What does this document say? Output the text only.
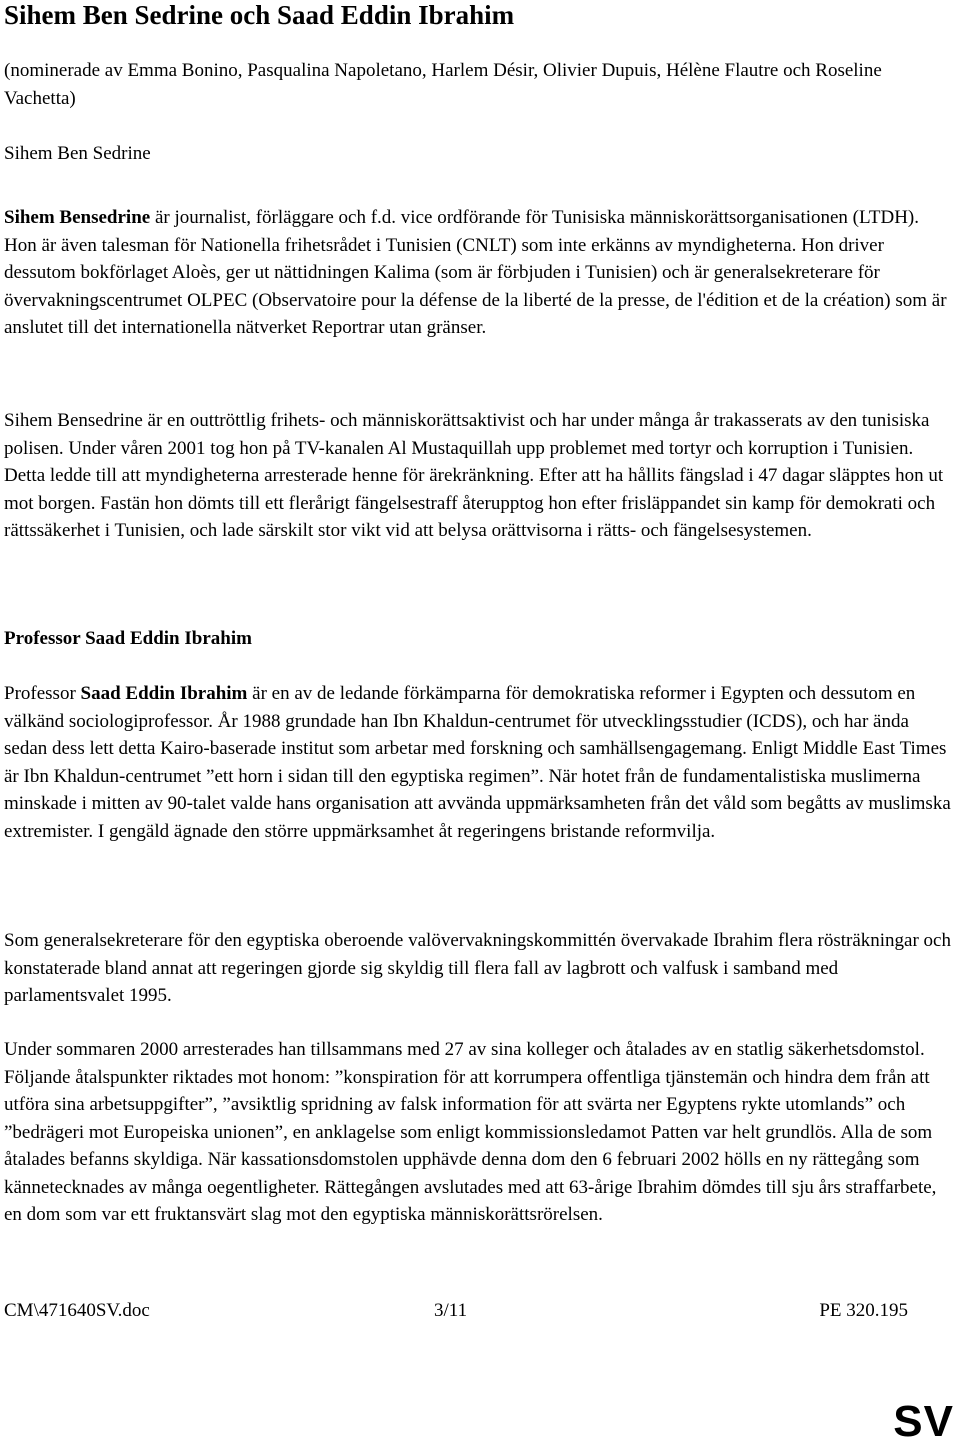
Sihem Ben Sedrine och Saad Eddin Ibrahim

(nominerade av Emma Bonino, Pasqualina Napoletano, Harlem Désir, Olivier Dupuis, Hélène Flautre och Roseline Vachetta)

Sihem Ben Sedrine

Sihem Bensedrine är journalist, förläggare och f.d. vice ordförande för Tunisiska människorättsorganisationen (LTDH). Hon är även talesman för Nationella frihetsrådet i Tunisien (CNLT) som inte erkänns av myndigheterna. Hon driver dessutom bokförlaget Aloès, ger ut nättidningen Kalima (som är förbjuden i Tunisien) och är generalsekreterare för övervakningscentrumet OLPEC (Observatoire pour la défense de la liberté de la presse, de l'édition et de la création) som är anslutet till det internationella nätverket Reportrar utan gränser.

Sihem Bensedrine är en outtröttlig frihets- och människorättsaktivist och har under många år trakasserats av den tunisiska polisen. Under våren 2001 tog hon på TV-kanalen Al Mustaquillah upp problemet med tortyr och korruption i Tunisien. Detta ledde till att myndigheterna arresterade henne för ärekränkning. Efter att ha hållits fängslad i 47 dagar släpptes hon ut mot borgen. Fastän hon dömts till ett flerårigt fängelsestraff återupptog hon efter frisläppandet sin kamp för demokrati och rättssäkerhet i Tunisien, och lade särskilt stor vikt vid att belysa orättvisorna i rätts- och fängelsesystemen.

Professor Saad Eddin Ibrahim

Professor Saad Eddin Ibrahim är en av de ledande förkämparna för demokratiska reformer i Egypten och dessutom en välkänd sociologiprofessor. År 1988 grundade han Ibn Khaldun-centrumet för utvecklingsstudier (ICDS), och har ända sedan dess lett detta Kairo-baserade institut som arbetar med forskning och samhällsengagemang. Enligt Middle East Times är Ibn Khaldun-centrumet ”ett horn i sidan till den egyptiska regimen”. När hotet från de fundamentalistiska muslimerna minskade i mitten av 90-talet valde hans organisation att avvända uppmärksamheten från det våld som begåtts av muslimska extremister. I gengäld ägnade den större uppmärksamhet åt regeringens bristande reformvilja.

Som generalsekreterare för den egyptiska oberoende valövervakningskommittén övervakade Ibrahim flera rösträkningar och konstaterade bland annat att regeringen gjorde sig skyldig till flera fall av lagbrott och valfusk i samband med parlamentsvalet 1995.

Under sommaren 2000 arresterades han tillsammans med 27 av sina kolleger och åtalades av en statlig säkerhetsdomstol. Följande åtalspunkter riktades mot honom: ”konspiration för att korrumpera offentliga tjänstemän och hindra dem från att utföra sina arbetsuppgifter”, ”avsiktlig spridning av falsk information för att svärta ner Egyptens rykte utomlands” och ”bedrägeri mot Europeiska unionen”, en anklagelse som enligt kommissionsledamot Patten var helt grundlös. Alla de som åtalades befanns skyldiga. När kassationsdomstolen upphävde denna dom den 6 februari 2002 hölls en ny rättegång som kännetecknades av många oegentligheter. Rättegången avslutades med att 63-årige Ibrahim dömdes till sju års straffarbete, en dom som var ett fruktansvärt slag mot den egyptiska människorättsrörelsen.

CM\471640SV.doc	3/11	PE 320.195
SV
